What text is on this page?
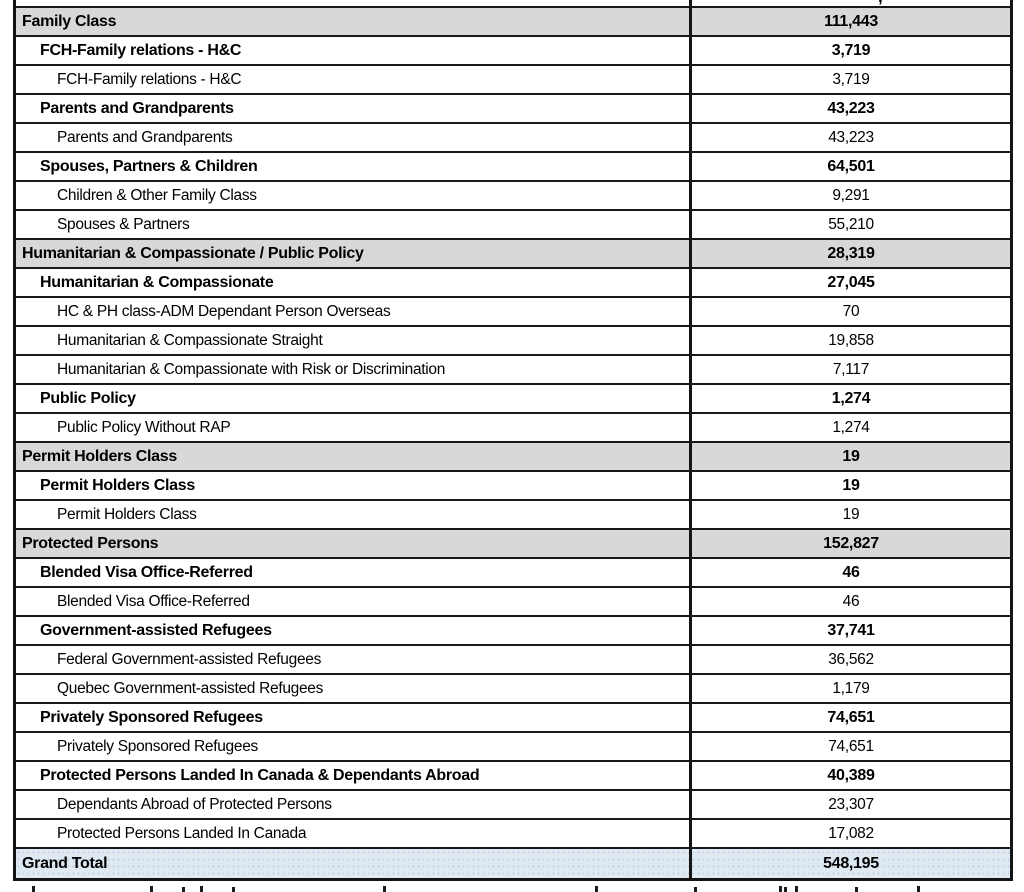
Family Class	111,443
FCH-Family relations - H&C	3,719
FCH-Family relations - H&C	3,719
Parents and Grandparents	43,223
Parents and Grandparents	43,223
Spouses, Partners & Children	64,501
Children & Other Family Class	9,291
Spouses & Partners	55,210
Humanitarian & Compassionate / Public Policy	28,319
Humanitarian & Compassionate	27,045
HC & PH class-ADM Dependant Person Overseas	70
Humanitarian & Compassionate Straight	19,858
Humanitarian & Compassionate with Risk or Discrimination	7,117
Public Policy	1,274
Public Policy Without RAP	1,274
Permit Holders Class	19
Permit Holders Class	19
Permit Holders Class	19
Protected Persons	152,827
Blended Visa Office-Referred	46
Blended Visa Office-Referred	46
Government-assisted Refugees	37,741
Federal Government-assisted Refugees	36,562
Quebec Government-assisted Refugees	1,179
Privately Sponsored Refugees	74,651
Privately Sponsored Refugees	74,651
Protected Persons Landed In Canada & Dependants Abroad	40,389
Dependants Abroad of Protected Persons	23,307
Protected Persons Landed In Canada	17,082
Grand Total	548,195
